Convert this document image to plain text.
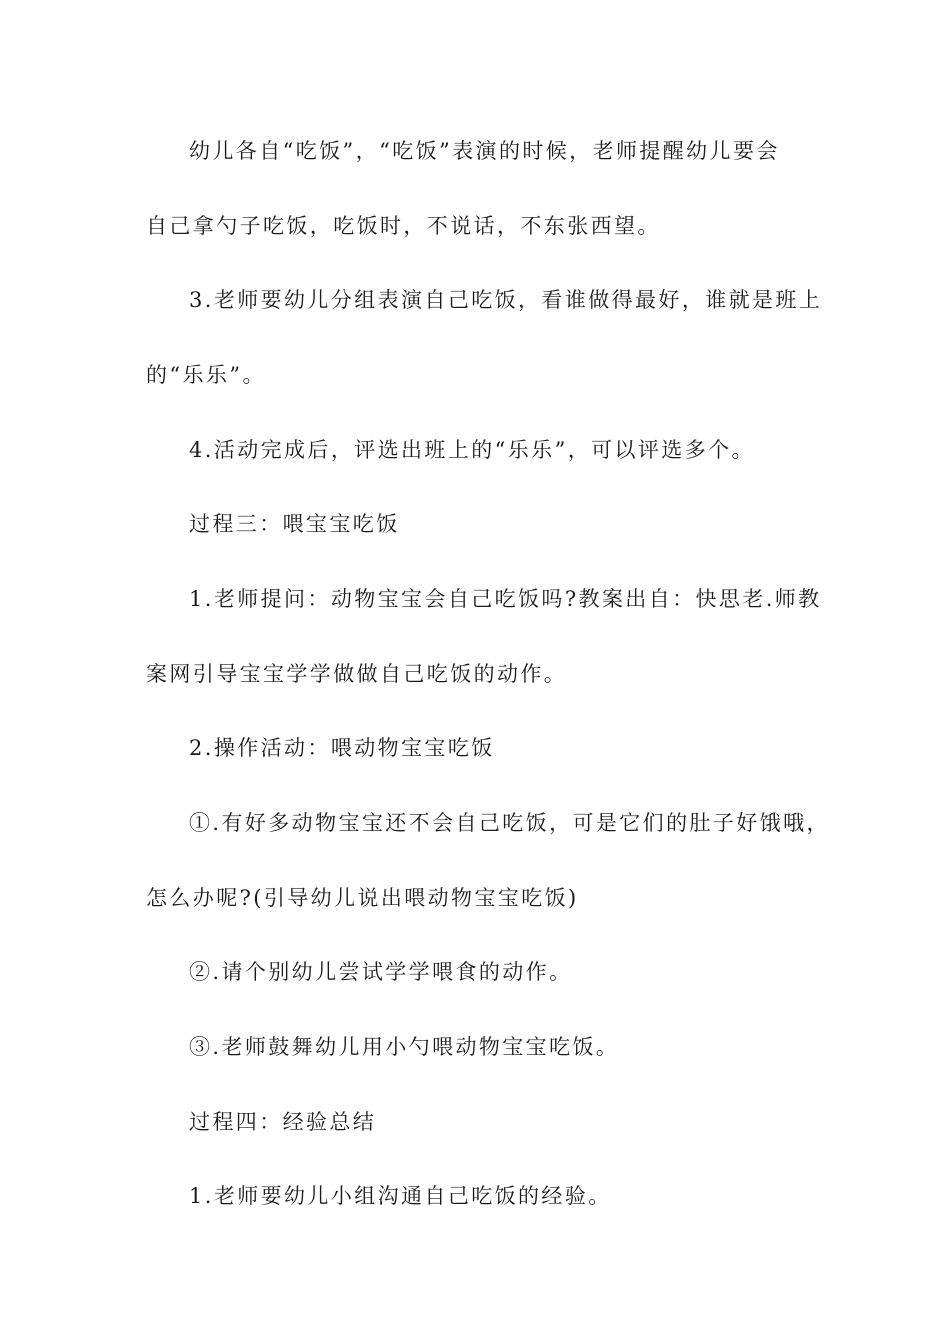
幼儿各自“吃饭”，“吃饭”表演的时候，老师提醒幼儿要会
自己拿勺子吃饭，吃饭时，不说话，不东张西望。
3.老师要幼儿分组表演自己吃饭，看谁做得最好，谁就是班上
的“乐乐”。
4.活动完成后，评选出班上的“乐乐”，可以评选多个。
过程三：喂宝宝吃饭
1.老师提问：动物宝宝会自己吃饭吗?教案出自：快思老.师教
案网引导宝宝学学做做自己吃饭的动作。
2.操作活动：喂动物宝宝吃饭
①.有好多动物宝宝还不会自己吃饭，可是它们的肚子好饿哦，
怎么办呢?(引导幼儿说出喂动物宝宝吃饭)
②.请个别幼儿尝试学学喂食的动作。
③.老师鼓舞幼儿用小勺喂动物宝宝吃饭。
过程四：经验总结
1.老师要幼儿小组沟通自己吃饭的经验。
